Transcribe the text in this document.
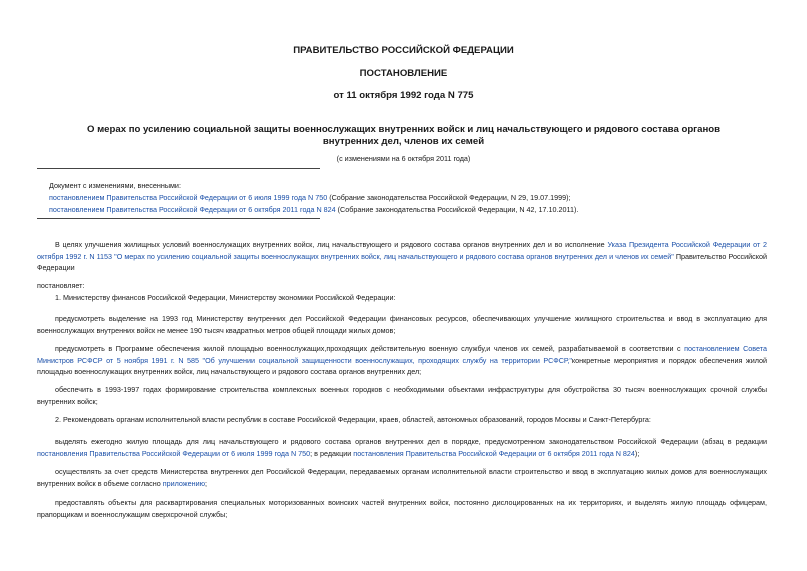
ПРАВИТЕЛЬСТВО РОССИЙСКОЙ ФЕДЕРАЦИИ
ПОСТАНОВЛЕНИЕ
от 11 октября 1992 года N 775
О мерах по усилению социальной защиты военнослужащих внутренних войск и лиц начальствующего и рядового состава органов внутренних дел, членов их семей
(с изменениями на 6 октября 2011 года)
Документ с изменениями, внесенными:
постановлением Правительства Российской Федерации от 6 июля 1999 года N 750 (Собрание законодательства Российской Федерации, N 29, 19.07.1999);
постановлением Правительства Российской Федерации от 6 октября 2011 года N 824 (Собрание законодательства Российской Федерации, N 42, 17.10.2011).
В целях улучшения жилищных условий военнослужащих внутренних войск, лиц начальствующего и рядового состава органов внутренних дел и во исполнение Указа Президента Российской Федерации от 2 октября 1992 г. N 1153 "О мерах по усилению социальной защиты военнослужащих внутренних войск, лиц начальствующего и рядового состава органов внутренних дел и членов их семей" Правительство Российской Федерации
постановляет:
1. Министерству финансов Российской Федерации, Министерству экономики Российской Федерации:
предусмотреть выделение на 1993 год Министерству внутренних дел Российской Федерации финансовых ресурсов, обеспечивающих улучшение жилищного строительства и ввод в эксплуатацию для военнослужащих внутренних войск не менее 190 тысяч квадратных метров общей площади жилых домов;
предусмотреть в Программе обеспечения жилой площадью военнослужащих,проходящих действительную военную службу,и членов их семей, разрабатываемой в соответствии с постановлением Совета Министров РСФСР от 5 ноября 1991 г. N 585 "Об улучшении социальной защищенности военнослужащих, проходящих службу на территории РСФСР,"конкретные мероприятия и порядок обеспечения жилой площадью военнослужащих внутренних войск, лиц начальствующего и рядового состава органов внутренних дел;
обеспечить в 1993-1997 годах формирование строительства комплексных военных городков с необходимыми объектами инфраструктуры для обустройства 30 тысяч военнослужащих срочной службы внутренних войск;
2. Рекомендовать органам исполнительной власти республик в составе Российской Федерации, краев, областей, автономных образований, городов Москвы и Санкт-Петербурга:
выделять ежегодно жилую площадь для лиц начальствующего и рядового состава органов внутренних дел в порядке, предусмотренном законодательством Российской Федерации (абзац в редакции постановления Правительства Российской Федерации от 6 июля 1999 года N 750; в редакции постановления Правительства Российской Федерации от 6 октября 2011 года N 824);
осуществлять за счет средств Министерства внутренних дел Российской Федерации, передаваемых органам исполнительной власти строительство и ввод в эксплуатацию жилых домов для военнослужащих внутренних войск в объеме согласно приложению;
предоставлять объекты для расквартирования специальных моторизованных воинских частей внутренних войск, постоянно дислоцированных на их территориях, и выделять жилую площадь офицерам, прапорщикам и военнослужащим сверхсрочной службы;
